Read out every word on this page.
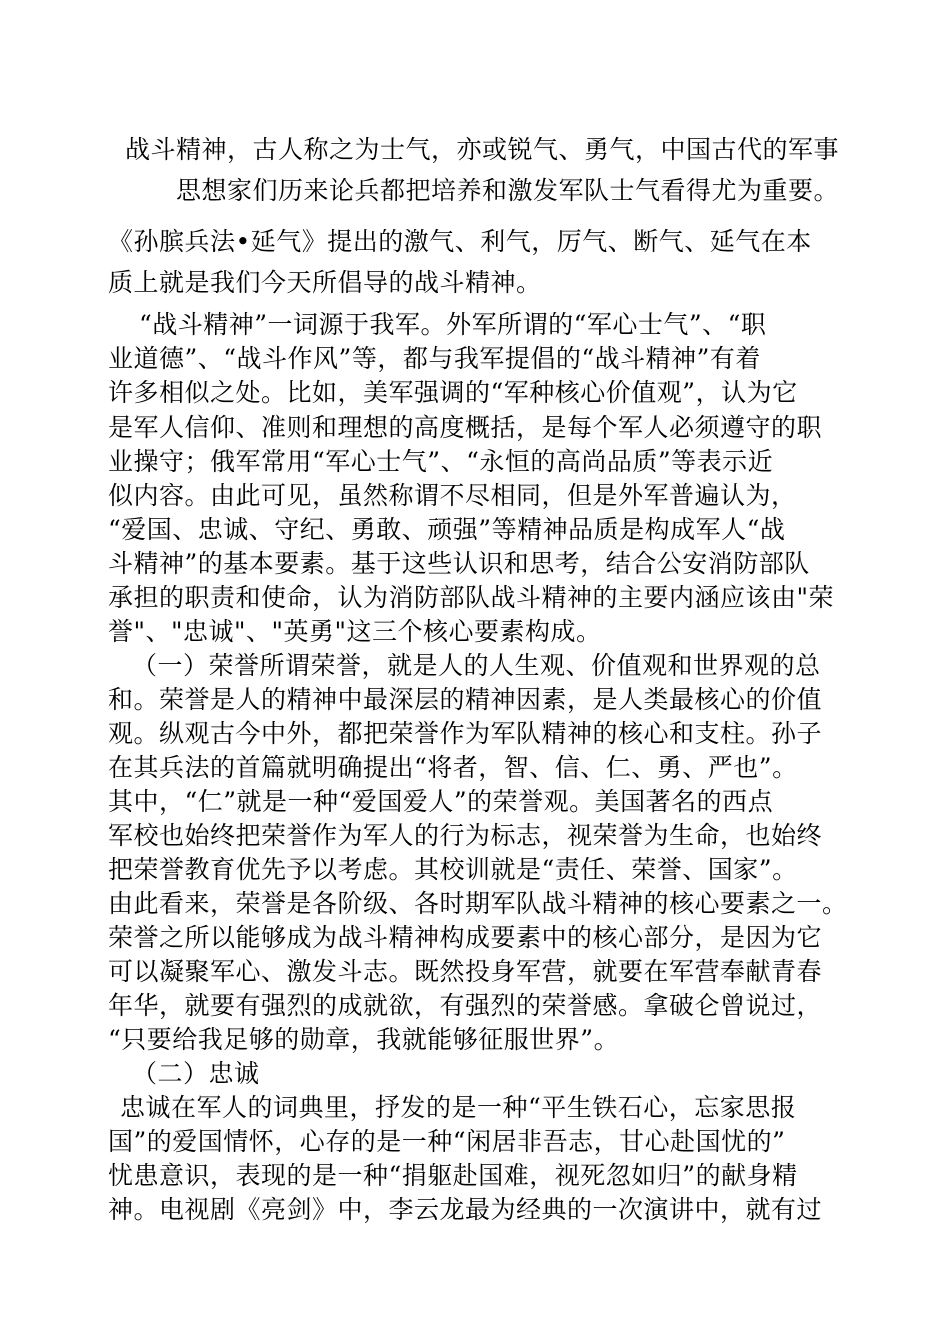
战斗精神，古人称之为士气，亦或锐气、勇气，中国古代的军事
思想家们历来论兵都把培养和激发军队士气看得尤为重要。
《孙膑兵法•延气》提出的激气、利气，厉气、断气、延气在本
质上就是我们今天所倡导的战斗精神。
“战斗精神”一词源于我军。外军所谓的“军心士气”、“职
业道德”、“战斗作风”等，都与我军提倡的“战斗精神”有着
许多相似之处。比如，美军强调的“军种核心价值观”，认为它
是军人信仰、准则和理想的高度概括，是每个军人必须遵守的职
业操守；俄军常用“军心士气”、“永恒的高尚品质”等表示近
似内容。由此可见，虽然称谓不尽相同，但是外军普遍认为，
“爱国、忠诚、守纪、勇敢、顽强”等精神品质是构成军人“战
斗精神”的基本要素。基于这些认识和思考，结合公安消防部队
承担的职责和使命，认为消防部队战斗精神的主要内涵应该由"荣
誉"、"忠诚"、"英勇"这三个核心要素构成。
（一）荣誉所谓荣誉，就是人的人生观、价值观和世界观的总
和。荣誉是人的精神中最深层的精神因素，是人类最核心的价值
观。纵观古今中外，都把荣誉作为军队精神的核心和支柱。孙子
在其兵法的首篇就明确提出“将者，智、信、仁、勇、严也”。
其中，“仁”就是一种“爱国爱人”的荣誉观。美国著名的西点
军校也始终把荣誉作为军人的行为标志，视荣誉为生命，也始终
把荣誉教育优先予以考虑。其校训就是“责任、荣誉、国家”。
由此看来，荣誉是各阶级、各时期军队战斗精神的核心要素之一。
荣誉之所以能够成为战斗精神构成要素中的核心部分，是因为它
可以凝聚军心、激发斗志。既然投身军营，就要在军营奉献青春
年华，就要有强烈的成就欲，有强烈的荣誉感。拿破仑曾说过，
“只要给我足够的勋章，我就能够征服世界”。
（二）忠诚
忠诚在军人的词典里，抒发的是一种“平生铁石心，忘家思报
国”的爱国情怀，心存的是一种“闲居非吾志，甘心赴国忧的”
忧患意识，表现的是一种“捐躯赴国难，视死忽如归”的献身精
神。电视剧《亮剑》中，李云龙最为经典的一次演讲中，就有过
